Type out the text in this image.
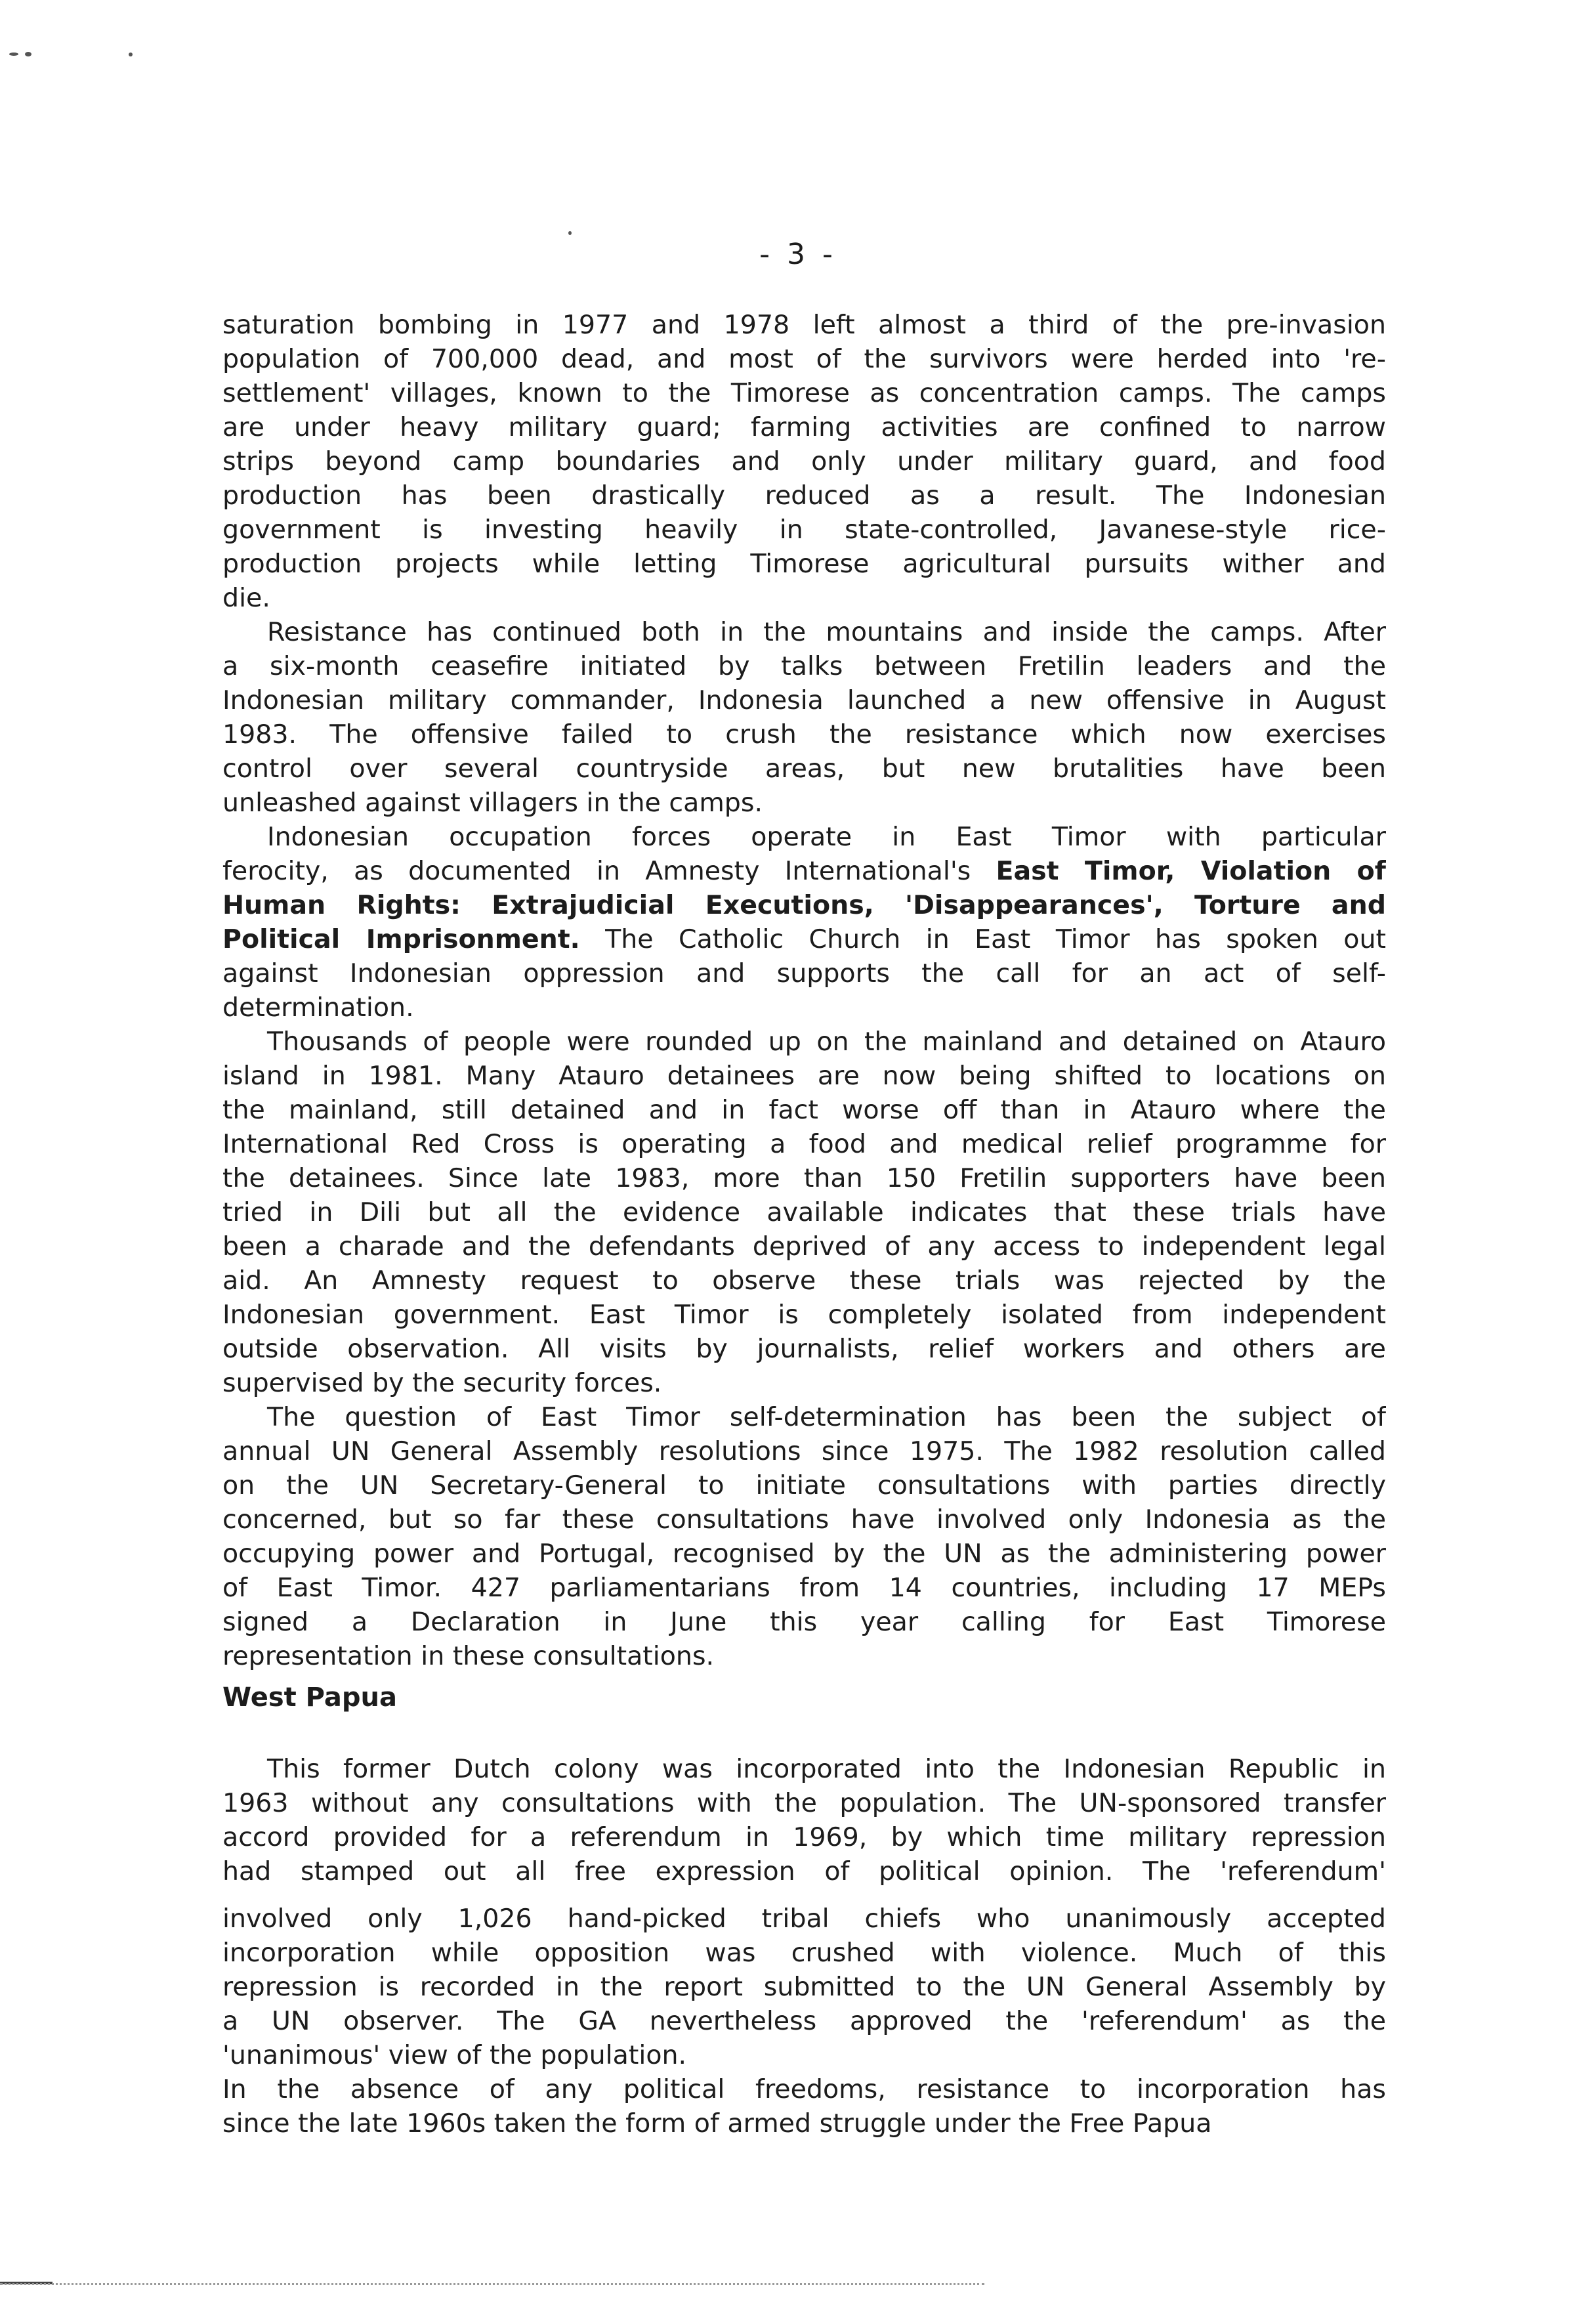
- 3 -
saturation bombing in 1977 and 1978 left almost a third of the pre-invasion
population of 700,000 dead, and most of the survivors were herded into 're-
settlement' villages, known to the Timorese as concentration camps. The camps
are under heavy military guard; farming activities are confined to narrow
strips beyond camp boundaries and only under military guard, and food
production has been drastically reduced as a result. The Indonesian
government is investing heavily in state-controlled, Javanese-style rice-
production projects while letting Timorese agricultural pursuits wither and
die.
Resistance has continued both in the mountains and inside the camps. After
a six-month ceasefire initiated by talks between Fretilin leaders and the
Indonesian military commander, Indonesia launched a new offensive in August
1983. The offensive failed to crush the resistance which now exercises
control over several countryside areas, but new brutalities have been
unleashed against villagers in the camps.
Indonesian occupation forces operate in East Timor with particular
ferocity, as documented in Amnesty International's East Timor, Violation of
Human Rights: Extrajudicial Executions, 'Disappearances', Torture and
Political Imprisonment. The Catholic Church in East Timor has spoken out
against Indonesian oppression and supports the call for an act of self-
determination.
Thousands of people were rounded up on the mainland and detained on Atauro
island in 1981. Many Atauro detainees are now being shifted to locations on
the mainland, still detained and in fact worse off than in Atauro where the
International Red Cross is operating a food and medical relief programme for
the detainees. Since late 1983, more than 150 Fretilin supporters have been
tried in Dili but all the evidence available indicates that these trials have
been a charade and the defendants deprived of any access to independent legal
aid. An Amnesty request to observe these trials was rejected by the
Indonesian government. East Timor is completely isolated from independent
outside observation. All visits by journalists, relief workers and others are
supervised by the security forces.
The question of East Timor self-determination has been the subject of
annual UN General Assembly resolutions since 1975. The 1982 resolution called
on the UN Secretary-General to initiate consultations with parties directly
concerned, but so far these consultations have involved only Indonesia as the
occupying power and Portugal, recognised by the UN as the administering power
of East Timor. 427 parliamentarians from 14 countries, including 17 MEPs
signed a Declaration in June this year calling for East Timorese
representation in these consultations.
West Papua
This former Dutch colony was incorporated into the Indonesian Republic in
1963 without any consultations with the population. The UN-sponsored transfer
accord provided for a referendum in 1969, by which time military repression
had stamped out all free expression of political opinion. The 'referendum'
involved only 1,026 hand-picked tribal chiefs who unanimously accepted
incorporation while opposition was crushed with violence. Much of this
repression is recorded in the report submitted to the UN General Assembly by
a UN observer. The GA nevertheless approved the 'referendum' as the
'unanimous' view of the population.
In the absence of any political freedoms, resistance to incorporation has
since the late 1960s taken the form of armed struggle under the Free Papua
